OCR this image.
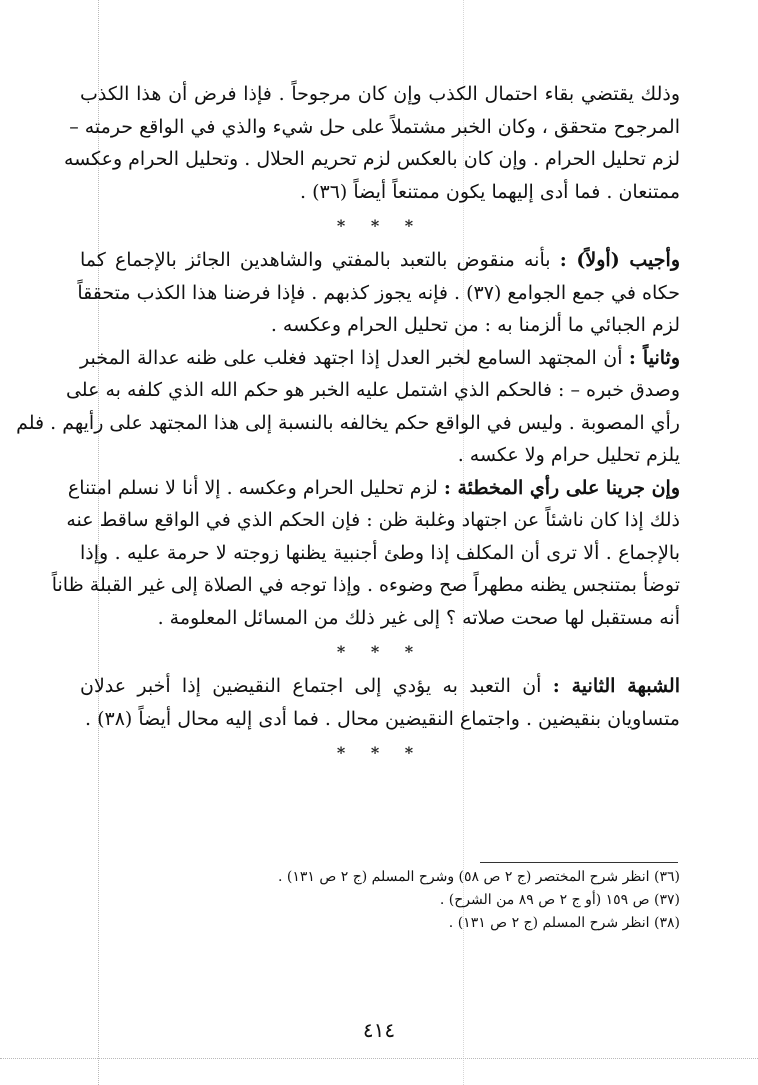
وذلك يقتضي بقاء احتمال الكذب وإن كان مرجوحاً . فإذا فرض أن هذا الكذب
المرجوح متحقق ، وكان الخبر مشتملاً على حل شيء والذي في الواقع حرمته –
لزم تحليل الحرام . وإن كان بالعكس لزم تحريم الحلال . وتحليل الحرام وعكسه
ممتنعان . فما أدى إليهما يكون ممتنعاً أيضاً (٣٦) .
* * *
وأجيب (أولاً) : بأنه منقوض بالتعبد بالمفتي والشاهدين الجائز بالإجماع كما
حكاه في جمع الجوامع (٣٧) . فإنه يجوز كذبهم . فإذا فرضنا هذا الكذب متحققاً
لزم الجبائي ما ألزمنا به : من تحليل الحرام وعكسه .
وثانياً : أن المجتهد السامع لخبر العدل إذا اجتهد فغلب على ظنه عدالة المخبر
وصدق خبره – : فالحكم الذي اشتمل عليه الخبر هو حكم الله الذي كلفه به على
رأي المصوبة . وليس في الواقع حكم يخالفه بالنسبة إلى هذا المجتهد على رأيهم . فلم
يلزم تحليل حرام ولا عكسه .
وإن جرينا على رأي المخطئة : لزم تحليل الحرام وعكسه . إلا أنا لا نسلم امتناع
ذلك إذا كان ناشئاً عن اجتهاد وغلبة ظن : فإن الحكم الذي في الواقع ساقط عنه
بالإجماع . ألا ترى أن المكلف إذا وطئ أجنبية يظنها زوجته لا حرمة عليه . وإذا
توضأ بمتنجس يظنه مطهراً صح وضوءه . وإذا توجه في الصلاة إلى غير القبلة ظاناً
أنه مستقبل لها صحت صلاته ؟ إلى غير ذلك من المسائل المعلومة .
* * *
الشبهة الثانية : أن التعبد به يؤدي إلى اجتماع النقيضين إذا أخبر عدلان
متساويان بنقيضين . واجتماع النقيضين محال . فما أدى إليه محال أيضاً (٣٨) .
* * *
(٣٦) انظر شرح المختصر (ج ٢ ص ٥٨) وشرح المسلم (ج ٢ ص ١٣١) .
(٣٧) ص ١٥٩ (أو ج ٢ ص ٨٩ من الشرح) .
(٣٨) انظر شرح المسلم (ج ٢ ص ١٣١) .
٤١٤
